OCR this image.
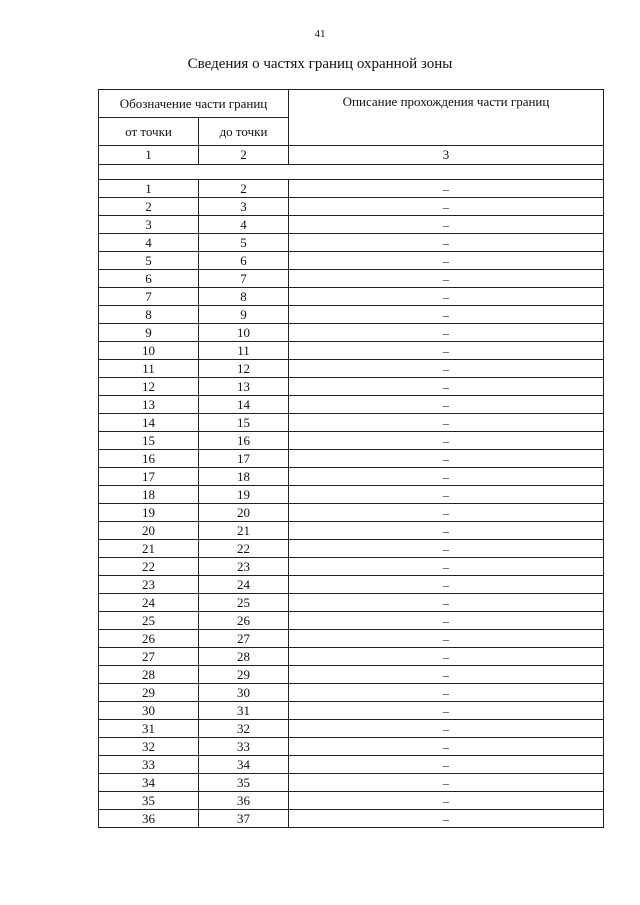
41
Сведения о частях границ охранной зоны
Обозначение части границ		Описание прохождения части границ
от точки	до точки	
1	2	3

1	2	–
2	3	–
3	4	–
4	5	–
5	6	–
6	7	–
7	8	–
8	9	–
9	10	–
10	11	–
11	12	–
12	13	–
13	14	–
14	15	–
15	16	–
16	17	–
17	18	–
18	19	–
19	20	–
20	21	–
21	22	–
22	23	–
23	24	–
24	25	–
25	26	–
26	27	–
27	28	–
28	29	–
29	30	–
30	31	–
31	32	–
32	33	–
33	34	–
34	35	–
35	36	–
36	37	–
